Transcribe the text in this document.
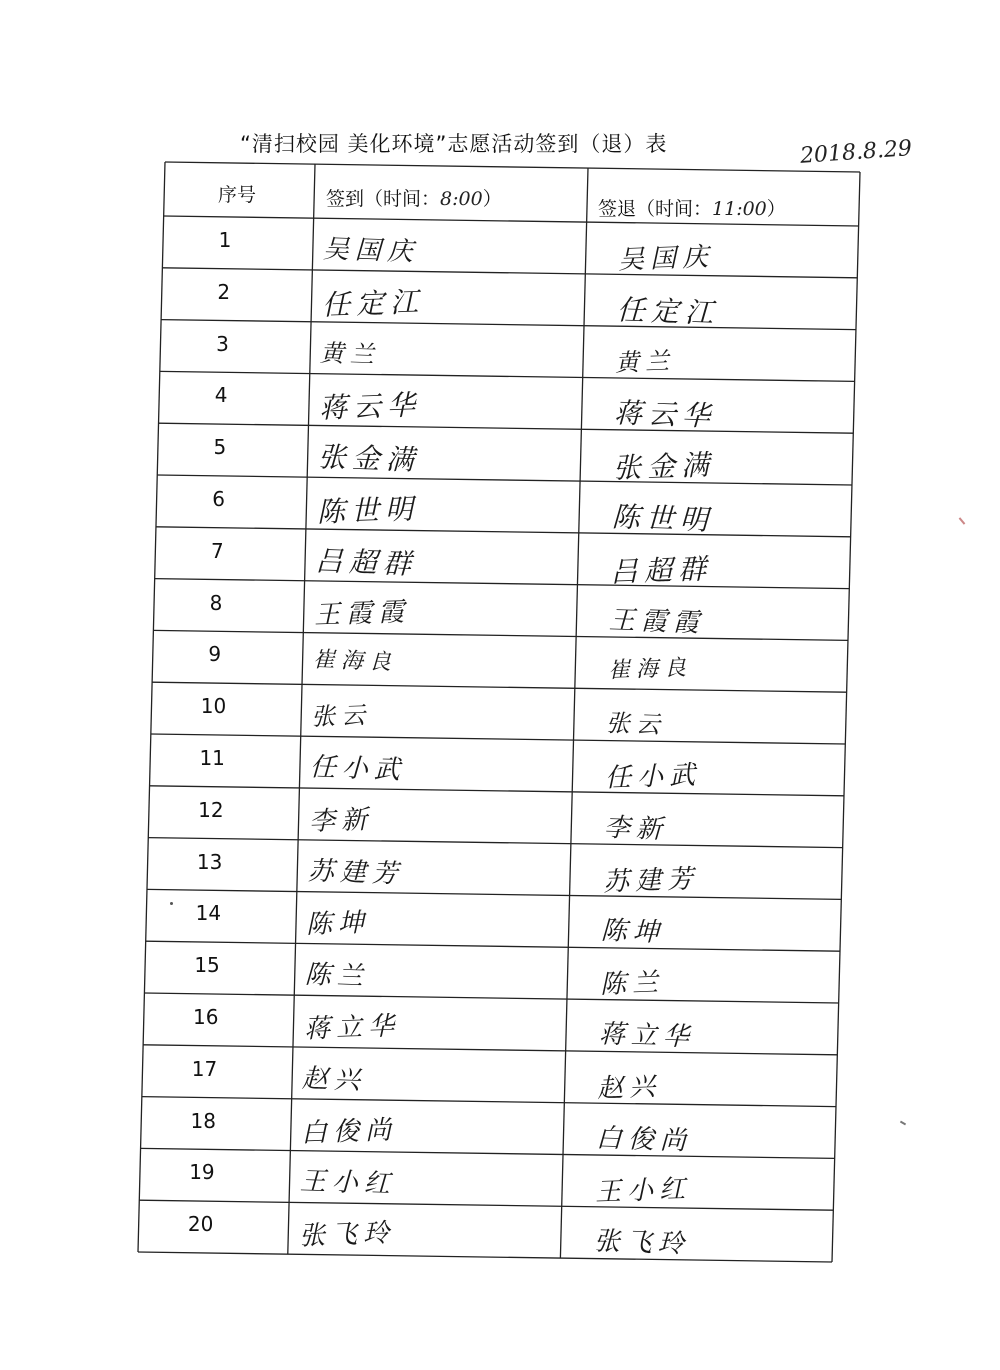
“清扫校园 美化环境”志愿活动签到（退）表	2018.8.29
序号	签到（时间：8:00）	签退（时间：11:00）
1	吴国庆	吴国庆
2	任定江	任定江
3	黄兰	黄兰
4	蒋云华	蒋云华
5	张金满	张金满
6	陈世明	陈世明
7	吕超群	吕超群
8	王霞霞	王霞霞
9	崔海良	崔海良
10	张云	张云
11	任小武	任小武
12	李新	李新
13	苏建芳	苏建芳
14	陈坤	陈坤
15	陈兰	陈兰
16	蒋立华	蒋立华
17	赵兴	赵兴
18	白俊尚	白俊尚
19	王小红	王小红
20	张飞玲	张飞玲
